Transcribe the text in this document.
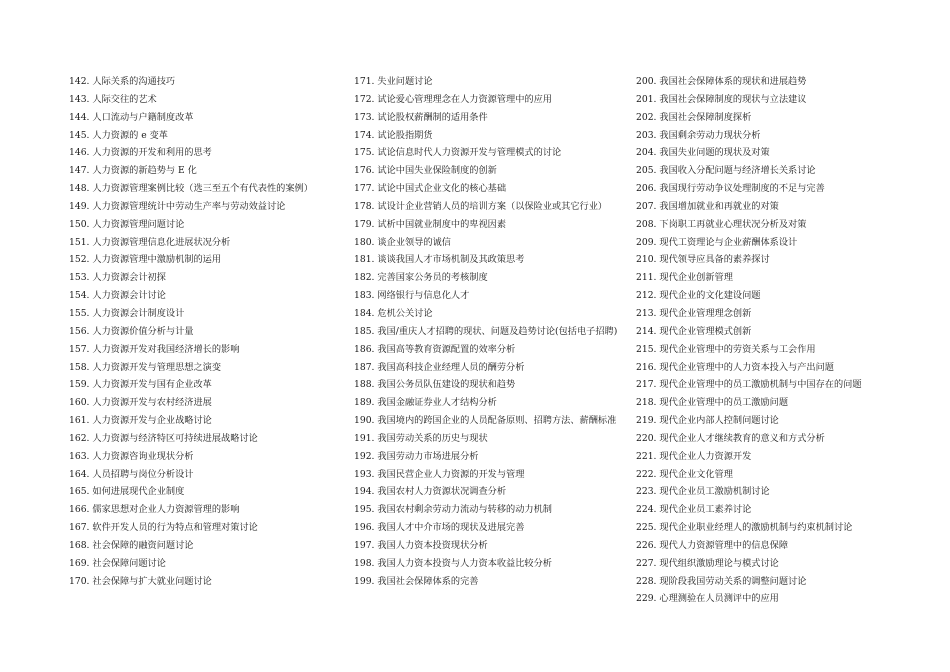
142. 人际关系的沟通技巧
143. 人际交往的艺术
144. 人口流动与户籍制度改革
145. 人力资源的 e 变革
146. 人力资源的开发和利用的思考
147. 人力资源的新趋势与 E 化
148. 人力资源管理案例比较（选三至五个有代表性的案例）
149. 人力资源管理统计中劳动生产率与劳动效益讨论
150. 人力资源管理问题讨论
151. 人力资源管理信息化进展状况分析
152. 人力资源管理中激励机制的运用
153. 人力资源会计初探
154. 人力资源会计讨论
155. 人力资源会计制度设计
156. 人力资源价值分析与计量
157. 人力资源开发对我国经济增长的影响
158. 人力资源开发与管理思想之演变
159. 人力资源开发与国有企业改革
160. 人力资源开发与农村经济进展
161. 人力资源开发与企业战略讨论
162. 人力资源与经济特区可持续进展战略讨论
163. 人力资源咨询业现状分析
164. 人员招聘与岗位分析设计
165. 如何进展现代企业制度
166. 儒家思想对企业人力资源管理的影响
167. 软件开发人员的行为特点和管理对策讨论
168. 社会保障的融资问题讨论
169. 社会保障问题讨论
170. 社会保障与扩大就业问题讨论
171. 失业问题讨论
172. 试论爱心管理理念在人力资源管理中的应用
173. 试论股权薪酬制的适用条件
174. 试论股指期货
175. 试论信息时代人力资源开发与管理模式的讨论
176. 试论中国失业保险制度的创新
177. 试论中国式企业文化的核心基础
178. 试设计企业营销人员的培训方案（以保险业或其它行业）
179. 试析中国就业制度中的卑视因素
180. 谈企业领导的诚信
181. 谈谈我国人才市场机制及其政策思考
182. 完善国家公务员的考核制度
183. 网络银行与信息化人才
184. 危机公关讨论
185. 我国/重庆人才招聘的现状、问题及趋势讨论(包括电子招聘)
186. 我国高等教育资源配置的效率分析
187. 我国高科技企业经理人员的酬劳分析
188. 我国公务员队伍建设的现状和趋势
189. 我国金融证券业人才结构分析
190. 我国境内的跨国企业的人员配备原则、招聘方法、薪酬标准
191. 我国劳动关系的历史与现状
192. 我国劳动力市场进展分析
193. 我国民营企业人力资源的开发与管理
194. 我国农村人力资源状况调查分析
195. 我国农村剩余劳动力流动与转移的动力机制
196. 我国人才中介市场的现状及进展完善
197. 我国人力资本投资现状分析
198. 我国人力资本投资与人力资本收益比较分析
199. 我国社会保障体系的完善
200. 我国社会保障体系的现状和进展趋势
201. 我国社会保障制度的现状与立法建议
202. 我国社会保障制度探析
203. 我国剩余劳动力现状分析
204. 我国失业问题的现状及对策
205. 我国收入分配问题与经济增长关系讨论
206. 我国现行劳动争议处理制度的不足与完善
207. 我国增加就业和再就业的对策
208. 下岗职工再就业心理状况分析及对策
209. 现代工资理论与企业薪酬体系设计
210. 现代领导应具备的素养探讨
211. 现代企业创新管理
212. 现代企业的文化建设问题
213. 现代企业管理理念创新
214. 现代企业管理模式创新
215. 现代企业管理中的劳资关系与工会作用
216. 现代企业管理中的人力资本投入与产出问题
217. 现代企业管理中的员工激励机制与中国存在的问题
218. 现代企业管理中的员工激励问题
219. 现代企业内部人控制问题讨论
220. 现代企业人才继续教育的意义和方式分析
221. 现代企业人力资源开发
222. 现代企业文化管理
223. 现代企业员工激励机制讨论
224. 现代企业员工素养讨论
225. 现代企业职业经理人的激励机制与约束机制讨论
226. 现代人力资源管理中的信息保障
227. 现代组织激励理论与模式讨论
228. 现阶段我国劳动关系的调整问题讨论
229. 心理测验在人员测评中的应用
